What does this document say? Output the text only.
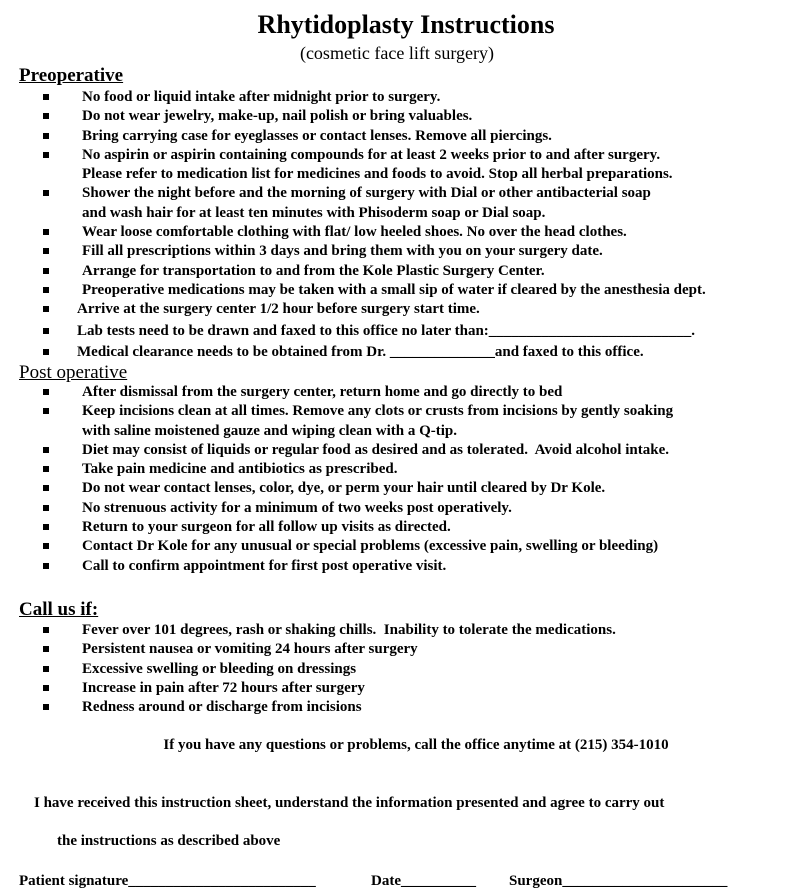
Rhytidoplasty Instructions
(cosmetic face lift surgery)
Preoperative
No food or liquid intake after midnight prior to surgery.
Do not wear jewelry, make-up, nail polish or bring valuables.
Bring carrying case for eyeglasses or contact lenses. Remove all piercings.
No aspirin or aspirin containing compounds for at least 2 weeks prior to and after surgery.
Please refer to medication list for medicines and foods to avoid. Stop all herbal preparations.
Shower the night before and the morning of surgery with Dial or other antibacterial soap
and wash hair for at least ten minutes with Phisoderm soap or Dial soap.
Wear loose comfortable clothing with flat/ low heeled shoes. No over the head clothes.
Fill all prescriptions within 3 days and bring them with you on your surgery date.
Arrange for transportation to and from the Kole Plastic Surgery Center.
Preoperative medications may be taken with a small sip of water if cleared by the anesthesia dept.
Arrive at the surgery center 1/2 hour before surgery start time.
Lab tests need to be drawn and faxed to this office no later than:___________________________.
Medical clearance needs to be obtained from Dr. ______________and faxed to this office.
Post operative
After dismissal from the surgery center, return home and go directly to bed
Keep incisions clean at all times. Remove any clots or crusts from incisions by gently soaking
with saline moistened gauze and wiping clean with a Q-tip.
Diet may consist of liquids or regular food as desired and as tolerated.  Avoid alcohol intake.
Take pain medicine and antibiotics as prescribed.
Do not wear contact lenses, color, dye, or perm your hair until cleared by Dr Kole.
No strenuous activity for a minimum of two weeks post operatively.
Return to your surgeon for all follow up visits as directed.
Contact Dr Kole for any unusual or special problems (excessive pain, swelling or bleeding)
Call to confirm appointment for first post operative visit.
Call us if:
Fever over 101 degrees, rash or shaking chills.  Inability to tolerate the medications.
Persistent nausea or vomiting 24 hours after surgery
Excessive swelling or bleeding on dressings
Increase in pain after 72 hours after surgery
Redness around or discharge from incisions
If you have any questions or problems, call the office anytime at (215) 354-1010

I have received this instruction sheet, understand the information presented and agree to carry out

the instructions as described above

Patient signature_________________________	Date__________ Surgeon______________________
